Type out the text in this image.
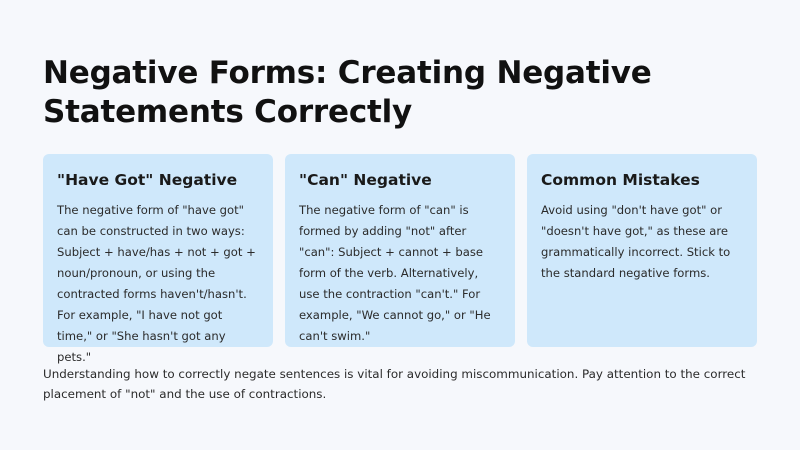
Negative Forms: Creating Negative Statements Correctly
"Have Got" Negative

The negative form of "have got" can be constructed in two ways: Subject + have/has + not + got + noun/pronoun, or using the contracted forms haven't/hasn't. For example, "I have not got time," or "She hasn't got any pets."

"Can" Negative

The negative form of "can" is formed by adding "not" after "can": Subject + cannot + base form of the verb. Alternatively, use the contraction "can't." For example, "We cannot go," or "He can't swim."

Common Mistakes

Avoid using "don't have got" or "doesn't have got," as these are grammatically incorrect. Stick to the standard negative forms.

Understanding how to correctly negate sentences is vital for avoiding miscommunication. Pay attention to the correct placement of "not" and the use of contractions.
